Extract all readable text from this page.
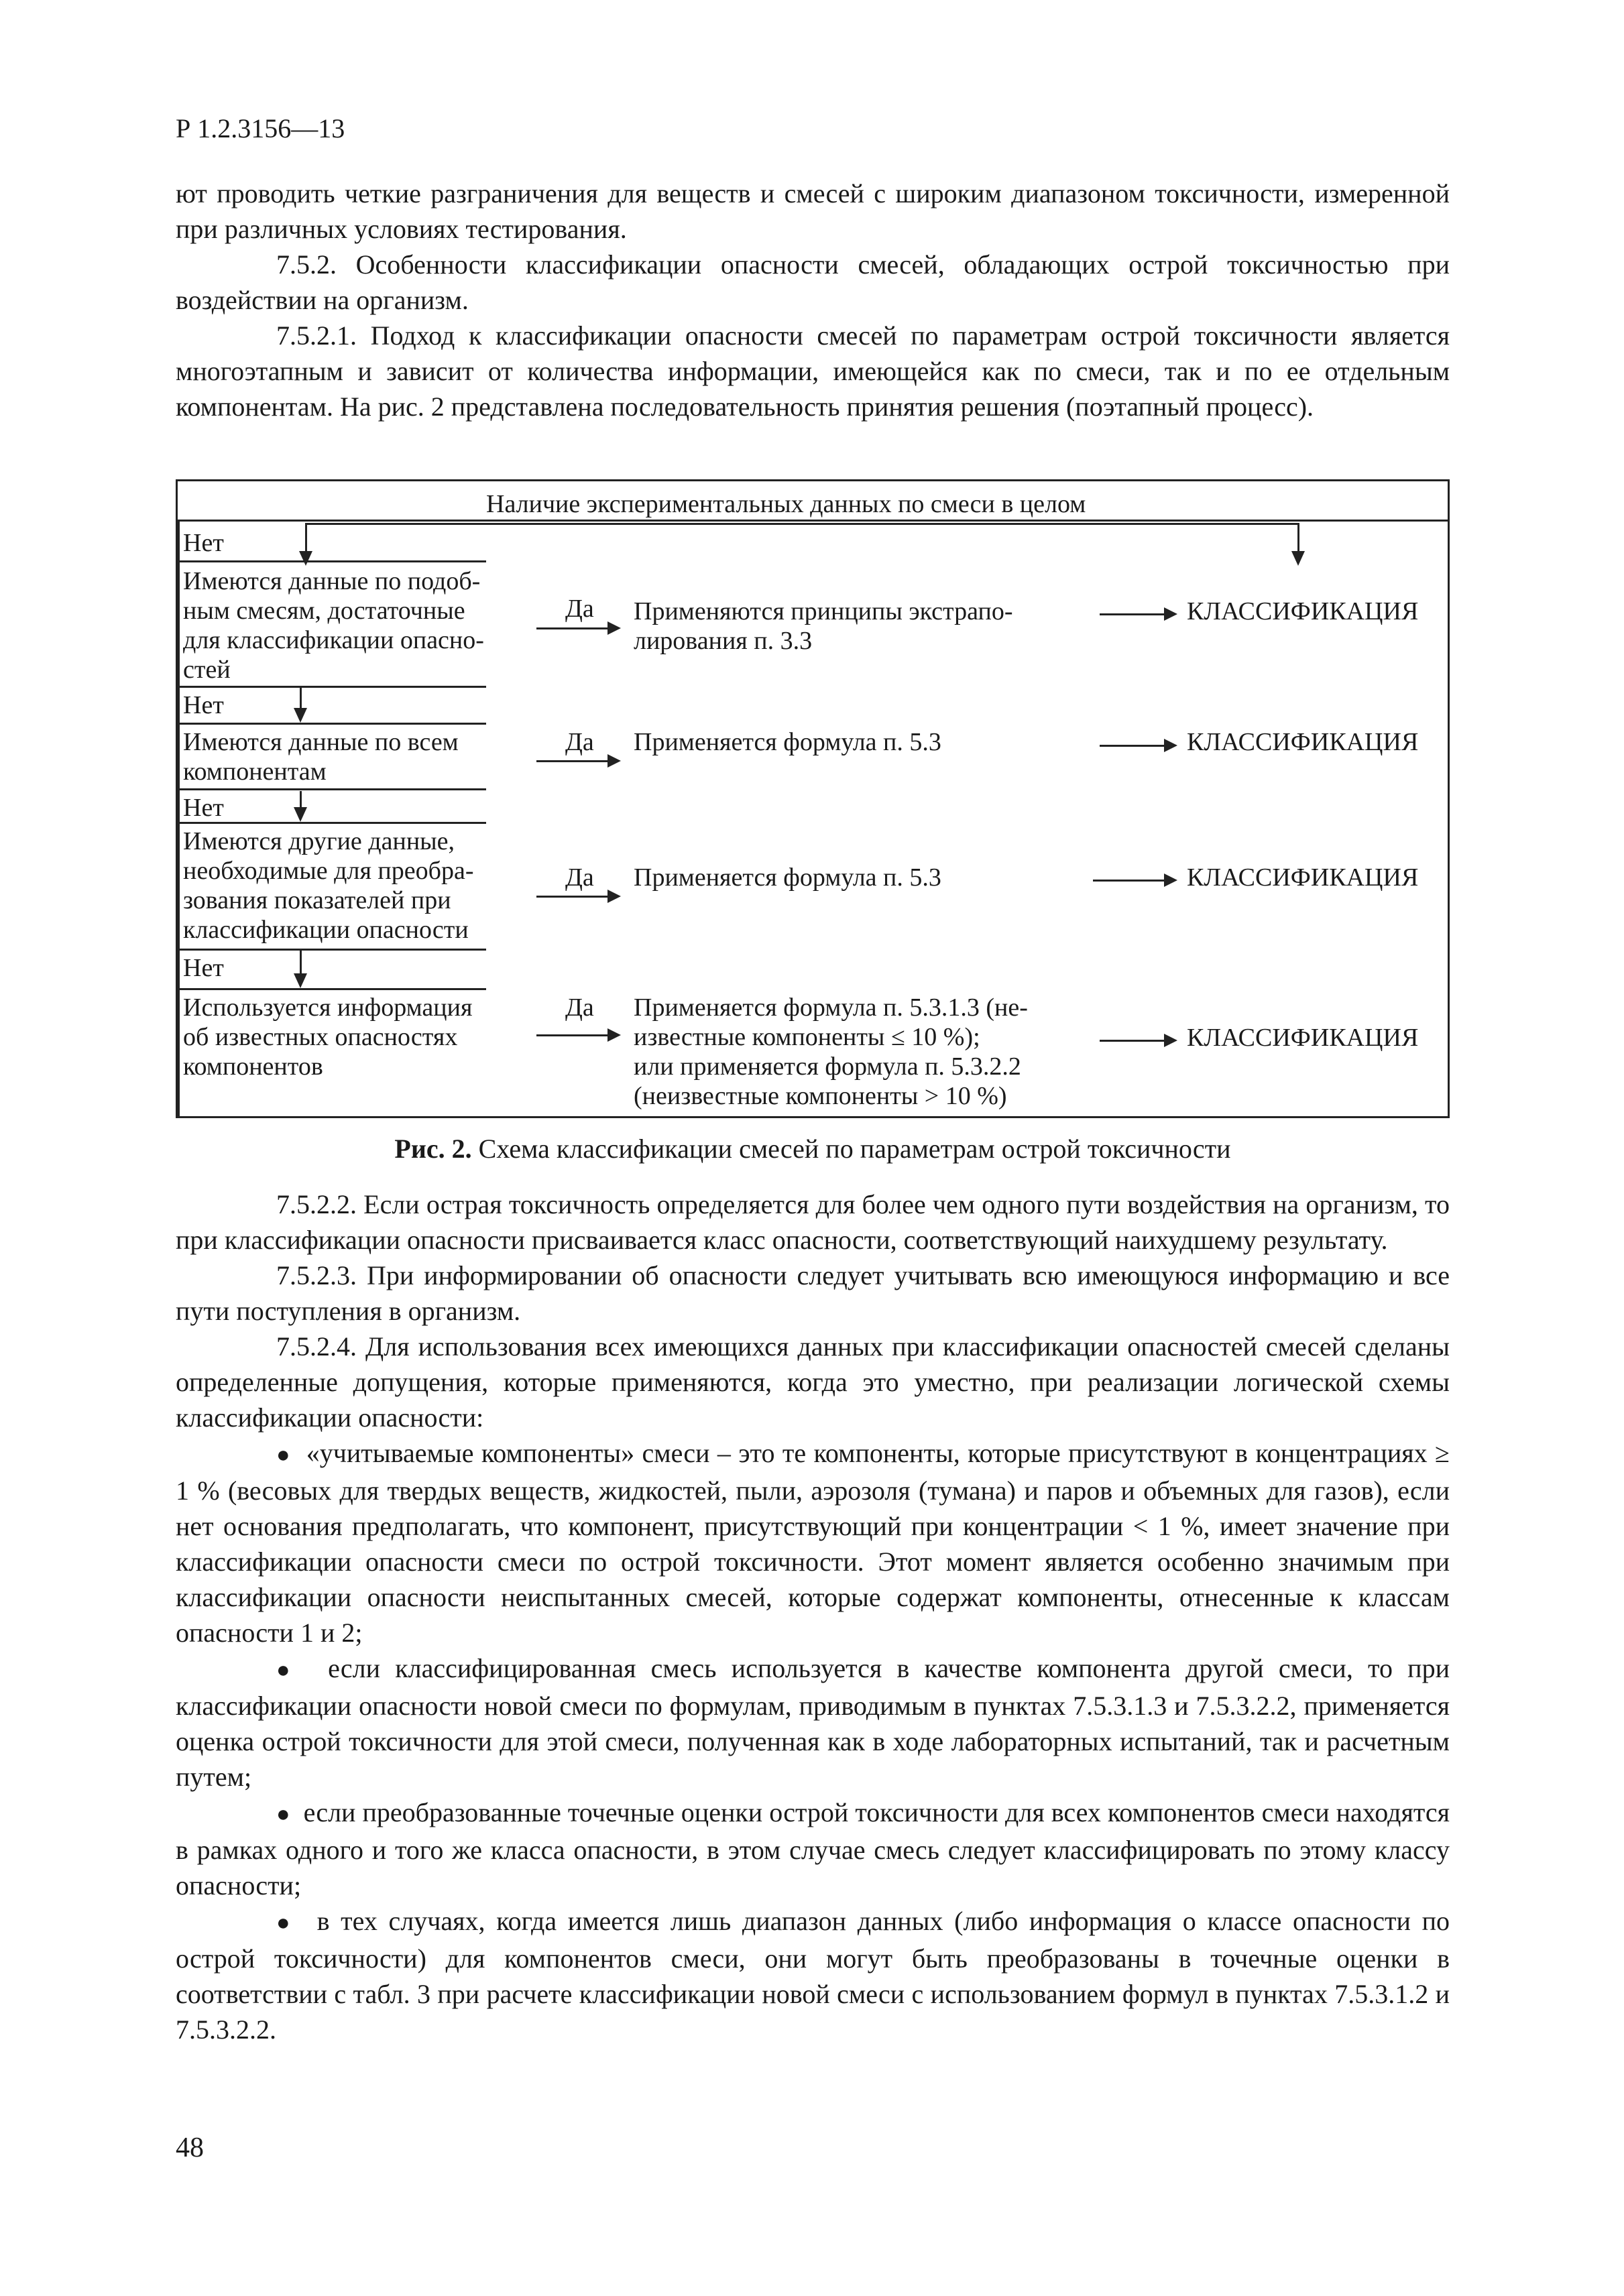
Р 1.2.3156—13

ют проводить четкие разграничения для веществ и смесей с широким диапазоном токсичности, измеренной при различных условиях тестирования.

7.5.2. Особенности классификации опасности смесей, обладающих острой токсичностью при воздействии на организм.

7.5.2.1. Подход к классификации опасности смесей по параметрам острой токсичности является многоэтапным и зависит от количества информации, имеющейся как по смеси, так и по ее отдельным компонентам. На рис. 2 представлена последовательность принятия решения (поэтапный процесс).

Наличие экспериментальных данных по смеси в целом
Нет
Имеются данные по подоб-
ным смесям, достаточные
для классификации опасно-
стей
Да Применяются принципы экстрапо-
лирования п. 3.3
КЛАССИФИКАЦИЯ
Нет
Имеются данные по всем
компонентам
Да Применяется формула п. 5.3	КЛАССИФИКАЦИЯ
Нет
Имеются другие данные,
необходимые для преобра-
зования показателей при
классификации опасности
Да Применяется формула п. 5.3	КЛАССИФИКАЦИЯ
Нет
Используется информация
об известных опасностях
компонентов
Да Применяется формула п. 5.3.1.3 (не-
известные компоненты ≤ 10 %);
или применяется формула п. 5.3.2.2
(неизвестные компоненты > 10 %)
КЛАССИФИКАЦИЯ
Рис. 2. Схема классификации смесей по параметрам острой токсичности

7.5.2.2. Если острая токсичность определяется для более чем одного пути воздействия на организм, то при классификации опасности присваивается класс опасности, соответствующий наихудшему результату.

7.5.2.3. При информировании об опасности следует учитывать всю имеющуюся информацию и все пути поступления в организм.

7.5.2.4. Для использования всех имеющихся данных при классификации опасностей смесей сделаны определенные допущения, которые применяются, когда это уместно, при реализации логической схемы классификации опасности:

● «учитываемые компоненты» смеси – это те компоненты, которые присутствуют в концентрациях ≥ 1 % (весовых для твердых веществ, жидкостей, пыли, аэрозоля (тумана) и паров и объемных для газов), если нет основания предполагать, что компонент, присутствующий при концентрации < 1 %, имеет значение при классификации опасности смеси по острой токсичности. Этот момент является особенно значимым при классификации опасности неиспытанных смесей, которые содержат компоненты, отнесенные к классам опасности 1 и 2;

● если классифицированная смесь используется в качестве компонента другой смеси, то при классификации опасности новой смеси по формулам, приводимым в пунктах 7.5.3.1.3 и 7.5.3.2.2, применяется оценка острой токсичности для этой смеси, полученная как в ходе лабораторных испытаний, так и расчетным путем;

● если преобразованные точечные оценки острой токсичности для всех компонентов смеси находятся в рамках одного и того же класса опасности, в этом случае смесь следует классифицировать по этому классу опасности;

● в тех случаях, когда имеется лишь диапазон данных (либо информация о классе опасности по острой токсичности) для компонентов смеси, они могут быть преобразованы в точечные оценки в соответствии с табл. 3 при расчете классификации новой смеси с использованием формул в пунктах 7.5.3.1.2 и 7.5.3.2.2.

48
